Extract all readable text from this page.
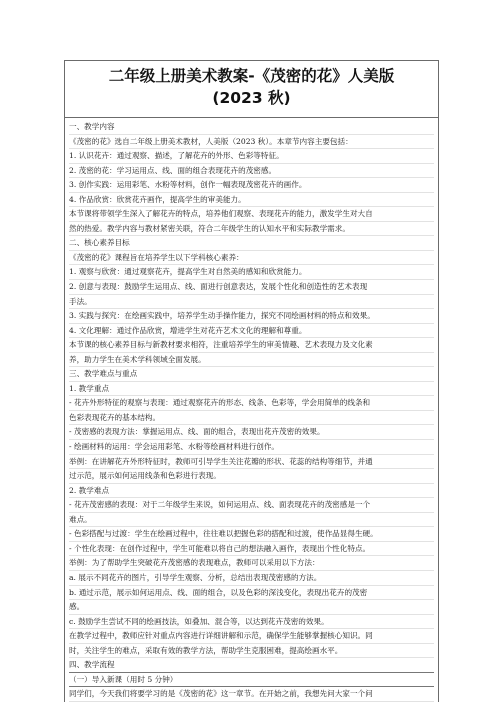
二年级上册美术教案-《茂密的花》人美版
(2023 秋)
一、教学内容
《茂密的花》选自二年级上册美术教材，人美版（2023 秋）。本章节内容主要包括：
1. 认识花卉：通过观察、描述，了解花卉的外形、色彩等特征。
2. 茂密的花：学习运用点、线、面的组合表现花卉的茂密感。
3. 创作实践：运用彩笔、水粉等材料，创作一幅表现茂密花卉的画作。
4. 作品欣赏：欣赏花卉画作，提高学生的审美能力。
本节课将带领学生深入了解花卉的特点，培养他们观察、表现花卉的能力，激发学生对大自
然的热爱。教学内容与教材紧密关联，符合二年级学生的认知水平和实际教学需求。
二、核心素养目标
《茂密的花》课程旨在培养学生以下学科核心素养：
1. 观察与欣赏：通过观察花卉，提高学生对自然美的感知和欣赏能力。
2. 创意与表现：鼓励学生运用点、线、面进行创意表达，发展个性化和创造性的艺术表现
手法。
3. 实践与探究：在绘画实践中，培养学生动手操作能力，探究不同绘画材料的特点和效果。
4. 文化理解：通过作品欣赏，增进学生对花卉艺术文化的理解和尊重。
本节课的核心素养目标与新教材要求相符，注重培养学生的审美情趣、艺术表现力及文化素
养，助力学生在美术学科领域全面发展。
三、教学难点与重点
1. 教学重点
- 花卉外形特征的观察与表现：通过观察花卉的形态、线条、色彩等，学会用简单的线条和
色彩表现花卉的基本结构。
- 茂密感的表现方法：掌握运用点、线、面的组合，表现出花卉茂密的效果。
- 绘画材料的运用：学会运用彩笔、水粉等绘画材料进行创作。
举例：在讲解花卉外形特征时，教师可引导学生关注花瓣的形状、花蕊的结构等细节，并通
过示范，展示如何运用线条和色彩进行表现。
2. 教学难点
- 花卉茂密感的表现：对于二年级学生来说，如何运用点、线、面表现花卉的茂密感是一个
难点。
- 色彩搭配与过渡：学生在绘画过程中，往往难以把握色彩的搭配和过渡，使作品显得生硬。
- 个性化表现：在创作过程中，学生可能难以将自己的想法融入画作，表现出个性化特点。
举例：为了帮助学生突破花卉茂密感的表现难点，教师可以采用以下方法：
a. 展示不同花卉的图片，引导学生观察、分析，总结出表现茂密感的方法。
b. 通过示范，展示如何运用点、线、面的组合，以及色彩的深浅变化，表现出花卉的茂密
感。
c. 鼓励学生尝试不同的绘画技法，如叠加、混合等，以达到花卉茂密的效果。
在教学过程中，教师应针对重点内容进行详细讲解和示范，确保学生能够掌握核心知识。同
时，关注学生的难点，采取有效的教学方法，帮助学生克服困难，提高绘画水平。
四、教学流程
（一）导入新课（用时 5 分钟）
同学们，今天我们将要学习的是《茂密的花》这一章节。在开始之前，我想先问大家一个问
